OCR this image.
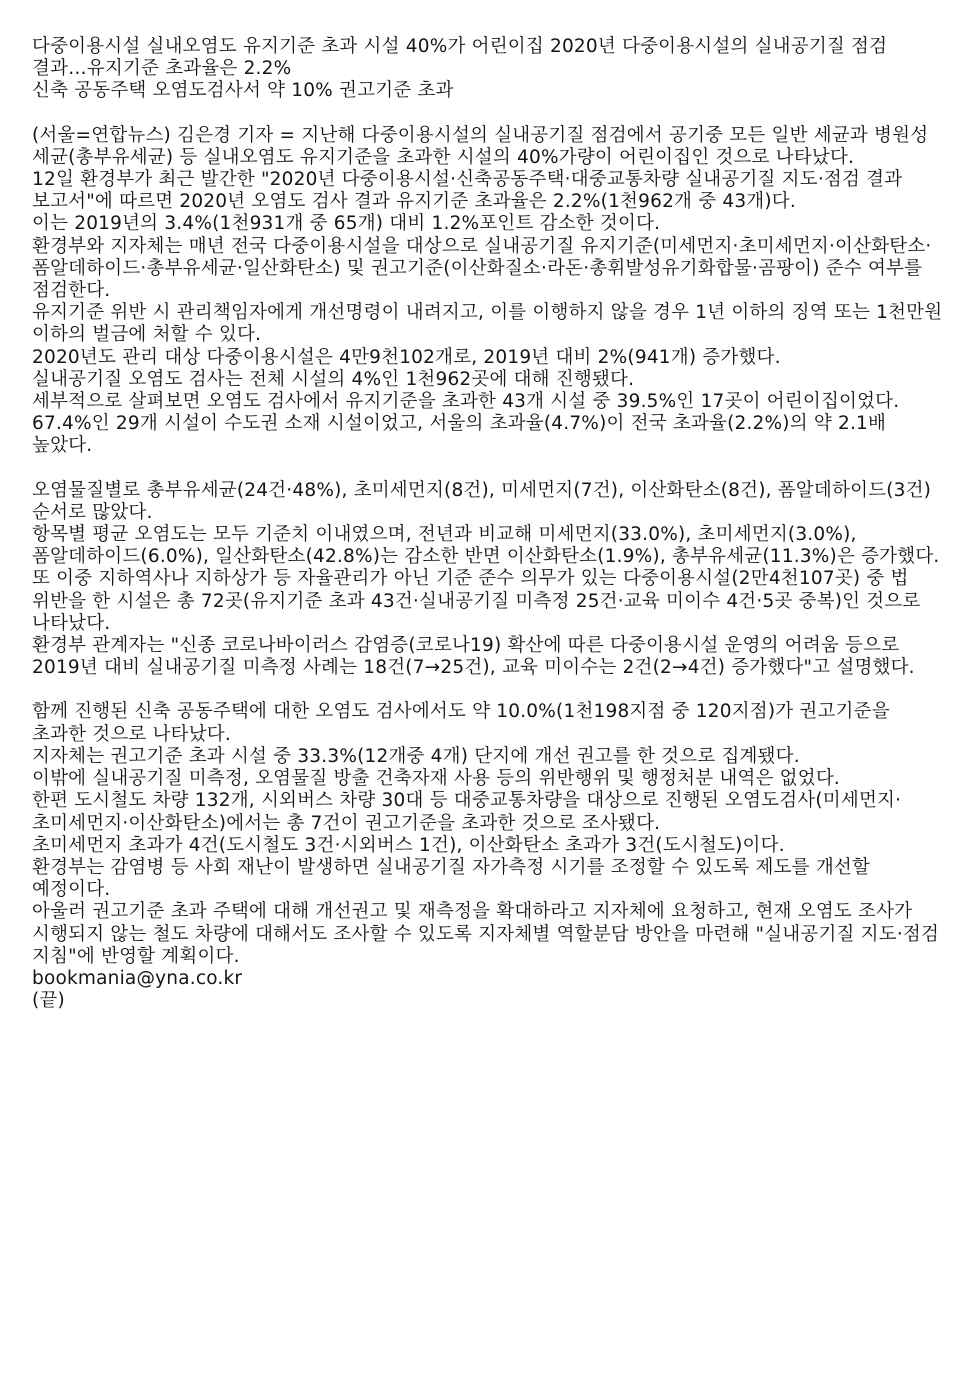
다중이용시설 실내오염도 유지기준 초과 시설 40%가 어린이집 2020년 다중이용시설의 실내공기질 점검 결과…유지기준 초과율은 2.2%

신축 공동주택 오염도검사서 약 10% 권고기준 초과

(서울=연합뉴스) 김은경 기자 = 지난해 다중이용시설의 실내공기질 점검에서 공기중 모든 일반 세균과 병원성 세균(총부유세균) 등 실내오염도 유지기준을 초과한 시설의 40%가량이 어린이집인 것으로 나타났다.

12일 환경부가 최근 발간한 "2020년 다중이용시설·신축공동주택·대중교통차량 실내공기질 지도·점검 결과 보고서"에 따르면 2020년 오염도 검사 결과 유지기준 초과율은 2.2%(1천962개 중 43개)다.

이는 2019년의 3.4%(1천931개 중 65개) 대비 1.2%포인트 감소한 것이다.

환경부와 지자체는 매년 전국 다중이용시설을 대상으로 실내공기질 유지기준(미세먼지·초미세먼지·이산화탄소·폼알데하이드·총부유세균·일산화탄소) 및 권고기준(이산화질소·라돈·총휘발성유기화합물·곰팡이) 준수 여부를 점검한다.

유지기준 위반 시 관리책임자에게 개선명령이 내려지고, 이를 이행하지 않을 경우 1년 이하의 징역 또는 1천만원 이하의 벌금에 처할 수 있다.

2020년도 관리 대상 다중이용시설은 4만9천102개로, 2019년 대비 2%(941개) 증가했다.

실내공기질 오염도 검사는 전체 시설의 4%인 1천962곳에 대해 진행됐다.

세부적으로 살펴보면 오염도 검사에서 유지기준을 초과한 43개 시설 중 39.5%인 17곳이 어린이집이었다.

67.4%인 29개 시설이 수도권 소재 시설이었고, 서울의 초과율(4.7%)이 전국 초과율(2.2%)의 약 2.1배 높았다.

오염물질별로 총부유세균(24건·48%), 초미세먼지(8건), 미세먼지(7건), 이산화탄소(8건), 폼알데하이드(3건) 순서로 많았다.

항목별 평균 오염도는 모두 기준치 이내였으며, 전년과 비교해 미세먼지(33.0%), 초미세먼지(3.0%), 폼알데하이드(6.0%), 일산화탄소(42.8%)는 감소한 반면 이산화탄소(1.9%), 총부유세균(11.3%)은 증가했다.

또 이중 지하역사나 지하상가 등 자율관리가 아닌 기준 준수 의무가 있는 다중이용시설(2만4천107곳) 중 법 위반을 한 시설은 총 72곳(유지기준 초과 43건·실내공기질 미측정 25건·교육 미이수 4건·5곳 중복)인 것으로 나타났다.

환경부 관계자는 "신종 코로나바이러스 감염증(코로나19) 확산에 따른 다중이용시설 운영의 어려움 등으로 2019년 대비 실내공기질 미측정 사례는 18건(7→25건), 교육 미이수는 2건(2→4건) 증가했다"고 설명했다.

함께 진행된 신축 공동주택에 대한 오염도 검사에서도 약 10.0%(1천198지점 중 120지점)가 권고기준을 초과한 것으로 나타났다.

지자체는 권고기준 초과 시설 중 33.3%(12개중 4개) 단지에 개선 권고를 한 것으로 집계됐다.

이밖에 실내공기질 미측정, 오염물질 방출 건축자재 사용 등의 위반행위 및 행정처분 내역은 없었다.

한편 도시철도 차량 132개, 시외버스 차량 30대 등 대중교통차량을 대상으로 진행된 오염도검사(미세먼지·초미세먼지·이산화탄소)에서는 총 7건이 권고기준을 초과한 것으로 조사됐다.

초미세먼지 초과가 4건(도시철도 3건·시외버스 1건), 이산화탄소 초과가 3건(도시철도)이다.

환경부는 감염병 등 사회 재난이 발생하면 실내공기질 자가측정 시기를 조정할 수 있도록 제도를 개선할 예정이다.

아울러 권고기준 초과 주택에 대해 개선권고 및 재측정을 확대하라고 지자체에 요청하고, 현재 오염도 조사가 시행되지 않는 철도 차량에 대해서도 조사할 수 있도록 지자체별 역할분담 방안을 마련해 "실내공기질 지도·점검 지침"에 반영할 계획이다.

bookmania@yna.co.kr

(끝)
